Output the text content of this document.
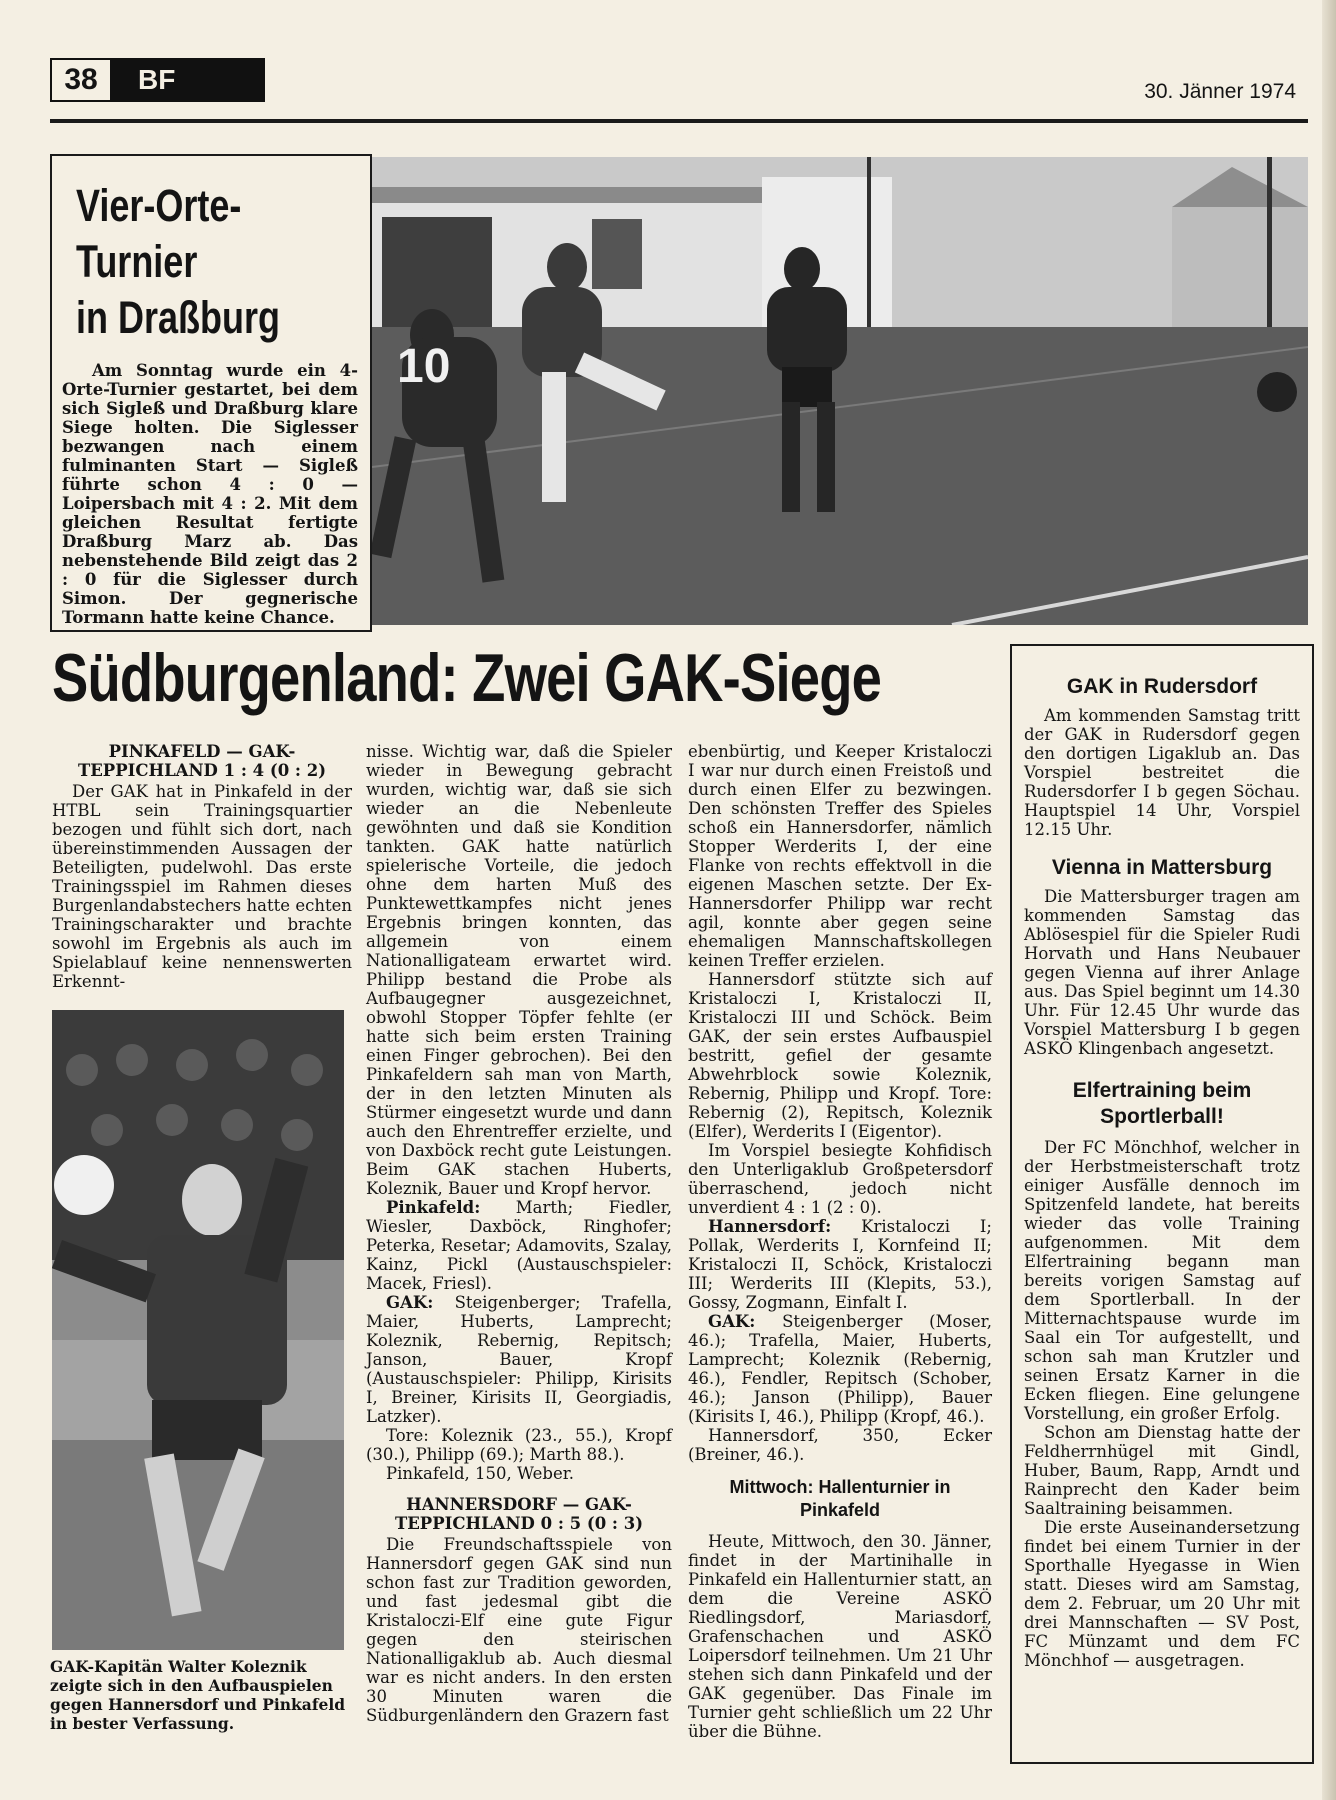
38	BF	30. Jänner 1974
Vier-Orte-
Turnier
in Draßburg
Am Sonntag wurde ein 4-Orte-Turnier gestartet, bei dem sich Sigleß und Draßburg klare Siege holten. Die Siglesser bezwangen nach einem fulminanten Start — Sigleß führte schon 4 : 0 — Loipersbach mit 4 : 2. Mit dem gleichen Resultat fertigte Draßburg Marz ab. Das nebenstehende Bild zeigt das 2 : 0 für die Siglesser durch Simon. Der gegnerische Tormann hatte keine Chance.
10
Südburgenland: Zwei GAK-Siege
PINKAFELD — GAK-TEPPICHLAND 1 : 4 (0 : 2)

Der GAK hat in Pinkafeld in der HTBL sein Trainingsquartier bezogen und fühlt sich dort, nach übereinstimmenden Aussagen der Beteiligten, pudelwohl. Das erste Trainingsspiel im Rahmen dieses Burgenlandabstechers hatte echten Trainingscharakter und brachte sowohl im Ergebnis als auch im Spielablauf keine nennenswerten Erkennt-

GAK-Kapitän Walter Koleznik zeigte sich in den Aufbauspielen gegen Hannersdorf und Pinkafeld in bester Verfassung.

nisse. Wichtig war, daß die Spieler wieder in Bewegung gebracht wurden, wichtig war, daß sie sich wieder an die Nebenleute gewöhnten und daß sie Kondition tankten. GAK hatte natürlich spielerische Vorteile, die jedoch ohne dem harten Muß des Punktewettkampfes nicht jenes Ergebnis bringen konnten, das allgemein von einem Nationalligateam erwartet wird. Philipp bestand die Probe als Aufbaugegner ausgezeichnet, obwohl Stopper Töpfer fehlte (er hatte sich beim ersten Training einen Finger gebrochen). Bei den Pinkafeldern sah man von Marth, der in den letzten Minuten als Stürmer eingesetzt wurde und dann auch den Ehrentreffer erzielte, und von Daxböck recht gute Leistungen. Beim GAK stachen Huberts, Koleznik, Bauer und Kropf hervor.

Pinkafeld: Marth; Fiedler, Wiesler, Daxböck, Ringhofer; Peterka, Resetar; Adamovits, Szalay, Kainz, Pickl (Austauschspieler: Macek, Friesl).

GAK: Steigenberger; Trafella, Maier, Huberts, Lamprecht; Koleznik, Rebernig, Repitsch; Janson, Bauer, Kropf (Austauschspieler: Philipp, Kirisits I, Breiner, Kirisits II, Georgiadis, Latzker).

Tore: Koleznik (23., 55.), Kropf (30.), Philipp (69.); Marth 88.).

Pinkafeld, 150, Weber.

HANNERSDORF — GAK-TEPPICHLAND 0 : 5 (0 : 3)

Die Freundschaftsspiele von Hannersdorf gegen GAK sind nun schon fast zur Tradition geworden, und fast jedesmal gibt die Kristaloczi-Elf eine gute Figur gegen den steirischen Nationalligaklub ab. Auch diesmal war es nicht anders. In den ersten 30 Minuten waren die Südburgenländern den Grazern fast

ebenbürtig, und Keeper Kristaloczi I war nur durch einen Freistoß und durch einen Elfer zu bezwingen. Den schönsten Treffer des Spieles schoß ein Hannersdorfer, nämlich Stopper Werderits I, der eine Flanke von rechts effektvoll in die eigenen Maschen setzte. Der Ex-Hannersdorfer Philipp war recht agil, konnte aber gegen seine ehemaligen Mannschaftskollegen keinen Treffer erzielen.

Hannersdorf stützte sich auf Kristaloczi I, Kristaloczi II, Kristaloczi III und Schöck. Beim GAK, der sein erstes Aufbauspiel bestritt, gefiel der gesamte Abwehrblock sowie Koleznik, Rebernig, Philipp und Kropf. Tore: Rebernig (2), Repitsch, Koleznik (Elfer), Werderits I (Eigentor).

Im Vorspiel besiegte Kohfidisch den Unterligaklub Großpetersdorf überraschend, jedoch nicht unverdient 4 : 1 (2 : 0).

Hannersdorf: Kristaloczi I; Pollak, Werderits I, Kornfeind II; Kristaloczi II, Schöck, Kristaloczi III; Werderits III (Klepits, 53.), Gossy, Zogmann, Einfalt I.

GAK: Steigenberger (Moser, 46.); Trafella, Maier, Huberts, Lamprecht; Koleznik (Rebernig, 46.), Fendler, Repitsch (Schober, 46.); Janson (Philipp), Bauer (Kirisits I, 46.), Philipp (Kropf, 46.).

Hannersdorf, 350, Ecker (Breiner, 46.).

Mittwoch: Hallenturnier in Pinkafeld

Heute, Mittwoch, den 30. Jänner, findet in der Martinihalle in Pinkafeld ein Hallenturnier statt, an dem die Vereine ASKÖ Riedlingsdorf, Mariasdorf, Grafenschachen und ASKÖ Loipersdorf teilnehmen. Um 21 Uhr stehen sich dann Pinkafeld und der GAK gegenüber. Das Finale im Turnier geht schließlich um 22 Uhr über die Bühne.

GAK in Rudersdorf

Am kommenden Samstag tritt der GAK in Rudersdorf gegen den dortigen Ligaklub an. Das Vorspiel bestreitet die Rudersdorfer I b gegen Söchau. Hauptspiel 14 Uhr, Vorspiel 12.15 Uhr.

Vienna in Mattersburg

Die Mattersburger tragen am kommenden Samstag das Ablösespiel für die Spieler Rudi Horvath und Hans Neubauer gegen Vienna auf ihrer Anlage aus. Das Spiel beginnt um 14.30 Uhr. Für 12.45 Uhr wurde das Vorspiel Mattersburg I b gegen ASKÖ Klingenbach angesetzt.

Elfertraining beim Sportlerball!

Der FC Mönchhof, welcher in der Herbstmeisterschaft trotz einiger Ausfälle dennoch im Spitzenfeld landete, hat bereits wieder das volle Training aufgenommen. Mit dem Elfertraining begann man bereits vorigen Samstag auf dem Sportlerball. In der Mitternachtspause wurde im Saal ein Tor aufgestellt, und schon sah man Krutzler und seinen Ersatz Karner in die Ecken fliegen. Eine gelungene Vorstellung, ein großer Erfolg.

Schon am Dienstag hatte der Feldherrnhügel mit Gindl, Huber, Baum, Rapp, Arndt und Rainprecht den Kader beim Saaltraining beisammen.

Die erste Auseinandersetzung findet bei einem Turnier in der Sporthalle Hyegasse in Wien statt. Dieses wird am Samstag, dem 2. Februar, um 20 Uhr mit drei Mannschaften — SV Post, FC Münzamt und dem FC Mönchhof — ausgetragen.
